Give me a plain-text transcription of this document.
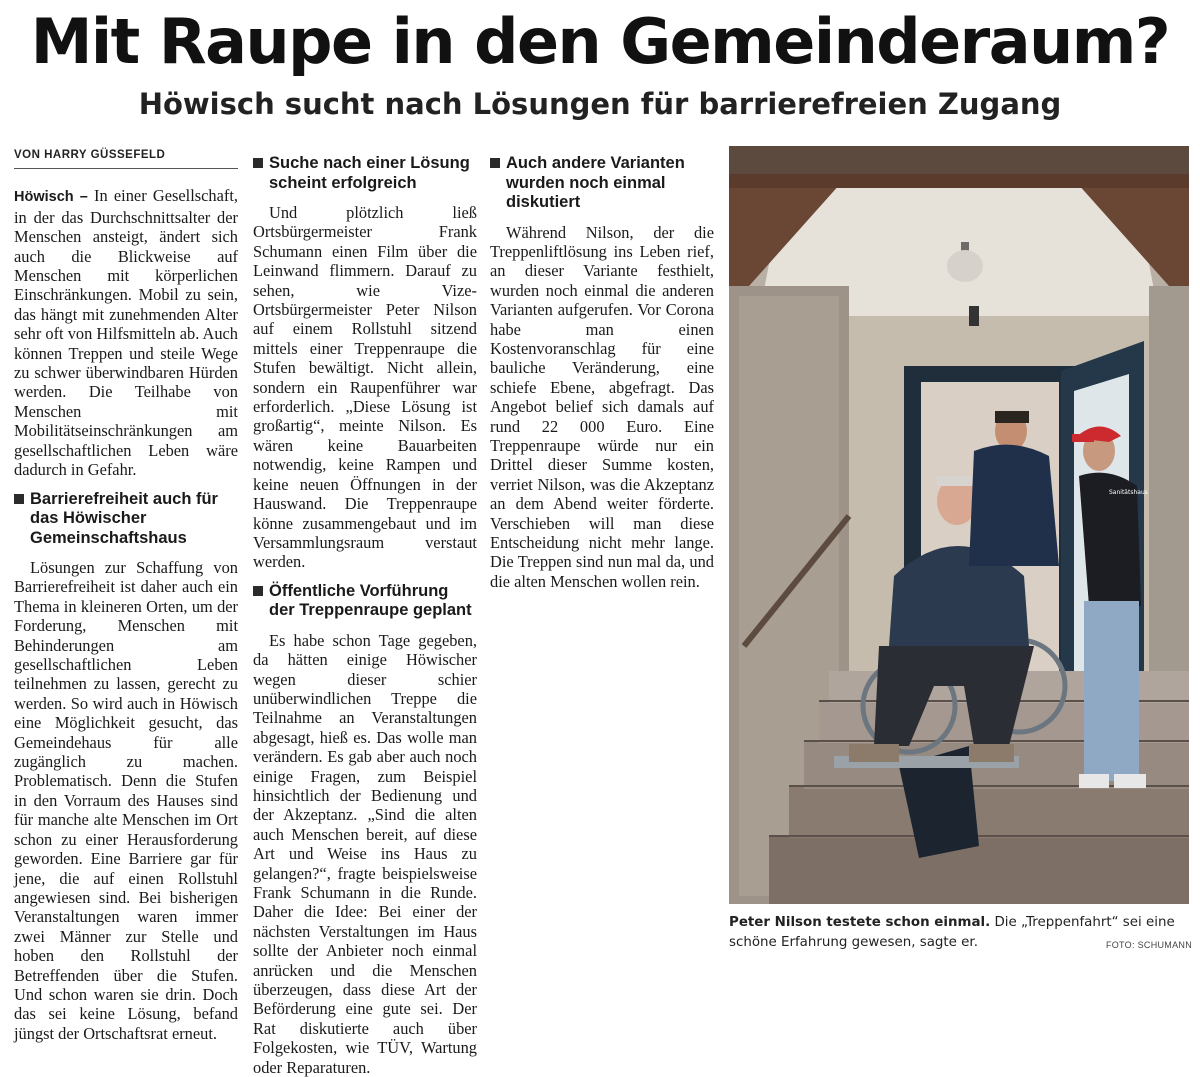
Mit Raupe in den Gemeinderaum?
Höwisch sucht nach Lösungen für barrierefreien Zugang
VON HARRY GÜSSEFELD

Höwisch – In einer Gesellschaft, in der das Durchschnittsalter der Menschen ansteigt, ändert sich auch die Blickweise auf Menschen mit körperlichen Einschränkungen. Mobil zu sein, das hängt mit zunehmenden Alter sehr oft von Hilfsmitteln ab. Auch können Treppen und steile Wege zu schwer überwindbaren Hürden werden. Die Teilhabe von Menschen mit Mobilitätseinschränkungen am gesellschaftlichen Leben wäre dadurch in Gefahr.

Barrierefreiheit auch für das Höwischer Gemeinschaftshaus

Lösungen zur Schaffung von Barrierefreiheit ist daher auch ein Thema in kleineren Orten, um der Forderung, Menschen mit Behinderungen am gesellschaftlichen Leben teilnehmen zu lassen, gerecht zu werden. So wird auch in Höwisch eine Möglichkeit gesucht, das Gemeindehaus für alle zugänglich zu machen. Problematisch. Denn die Stufen in den Vorraum des Hauses sind für manche alte Menschen im Ort schon zu einer Herausforderung geworden. Eine Barriere gar für jene, die auf einen Rollstuhl angewiesen sind. Bei bisherigen Veranstaltungen waren immer zwei Männer zur Stelle und hoben den Rollstuhl der Betreffenden über die Stufen. Und schon waren sie drin. Doch das sei keine Lösung, befand jüngst der Ortschaftsrat erneut.

Suche nach einer Lösung scheint erfolgreich

Und plötzlich ließ Ortsbürgermeister Frank Schumann einen Film über die Leinwand flimmern. Darauf zu sehen, wie Vize-Ortsbürgermeister Peter Nilson auf einem Rollstuhl sitzend mittels einer Treppenraupe die Stufen bewältigt. Nicht allein, sondern ein Raupenführer war erforderlich. „Diese Lösung ist großartig“, meinte Nilson. Es wären keine Bauarbeiten notwendig, keine Rampen und keine neuen Öffnungen in der Hauswand. Die Treppenraupe könne zusammengebaut und im Versammlungsraum verstaut werden.

Öffentliche Vorführung der Treppenraupe geplant

Es habe schon Tage gegeben, da hätten einige Höwischer wegen dieser schier unüberwindlichen Treppe die Teilnahme an Veranstaltungen abgesagt, hieß es. Das wolle man verändern. Es gab aber auch noch einige Fragen, zum Beispiel hinsichtlich der Bedienung und der Akzeptanz. „Sind die alten auch Menschen bereit, auf diese Art und Weise ins Haus zu gelangen?“, fragte beispielsweise Frank Schumann in die Runde. Daher die Idee: Bei einer der nächsten Verstaltungen im Haus sollte der Anbieter noch einmal anrücken und die Menschen überzeugen, dass diese Art der Beförderung eine gute sei. Der Rat diskutierte auch über Folgekosten, wie TÜV, Wartung oder Reparaturen.

Auch andere Varianten wurden noch einmal diskutiert

Während Nilson, der die Treppenliftlösung ins Leben rief, an dieser Variante festhielt, wurden noch einmal die anderen Varianten aufgerufen. Vor Corona habe man einen Kostenvoranschlag für eine bauliche Veränderung, eine schiefe Ebene, abgefragt. Das Angebot belief sich damals auf rund 22 000 Euro. Eine Treppenraupe würde nur ein Drittel dieser Summe kosten, verriet Nilson, was die Akzeptanz an dem Abend weiter förderte. Verschieben will man diese Entscheidung nicht mehr lange. Die Treppen sind nun mal da, und die alten Menschen wollen rein.

Sanitätshaus
Peter Nilson testete schon einmal. Die „Treppenfahrt“ sei eine schöne Erfahrung gewesen, sagte er.	FOTO: SCHUMANN
